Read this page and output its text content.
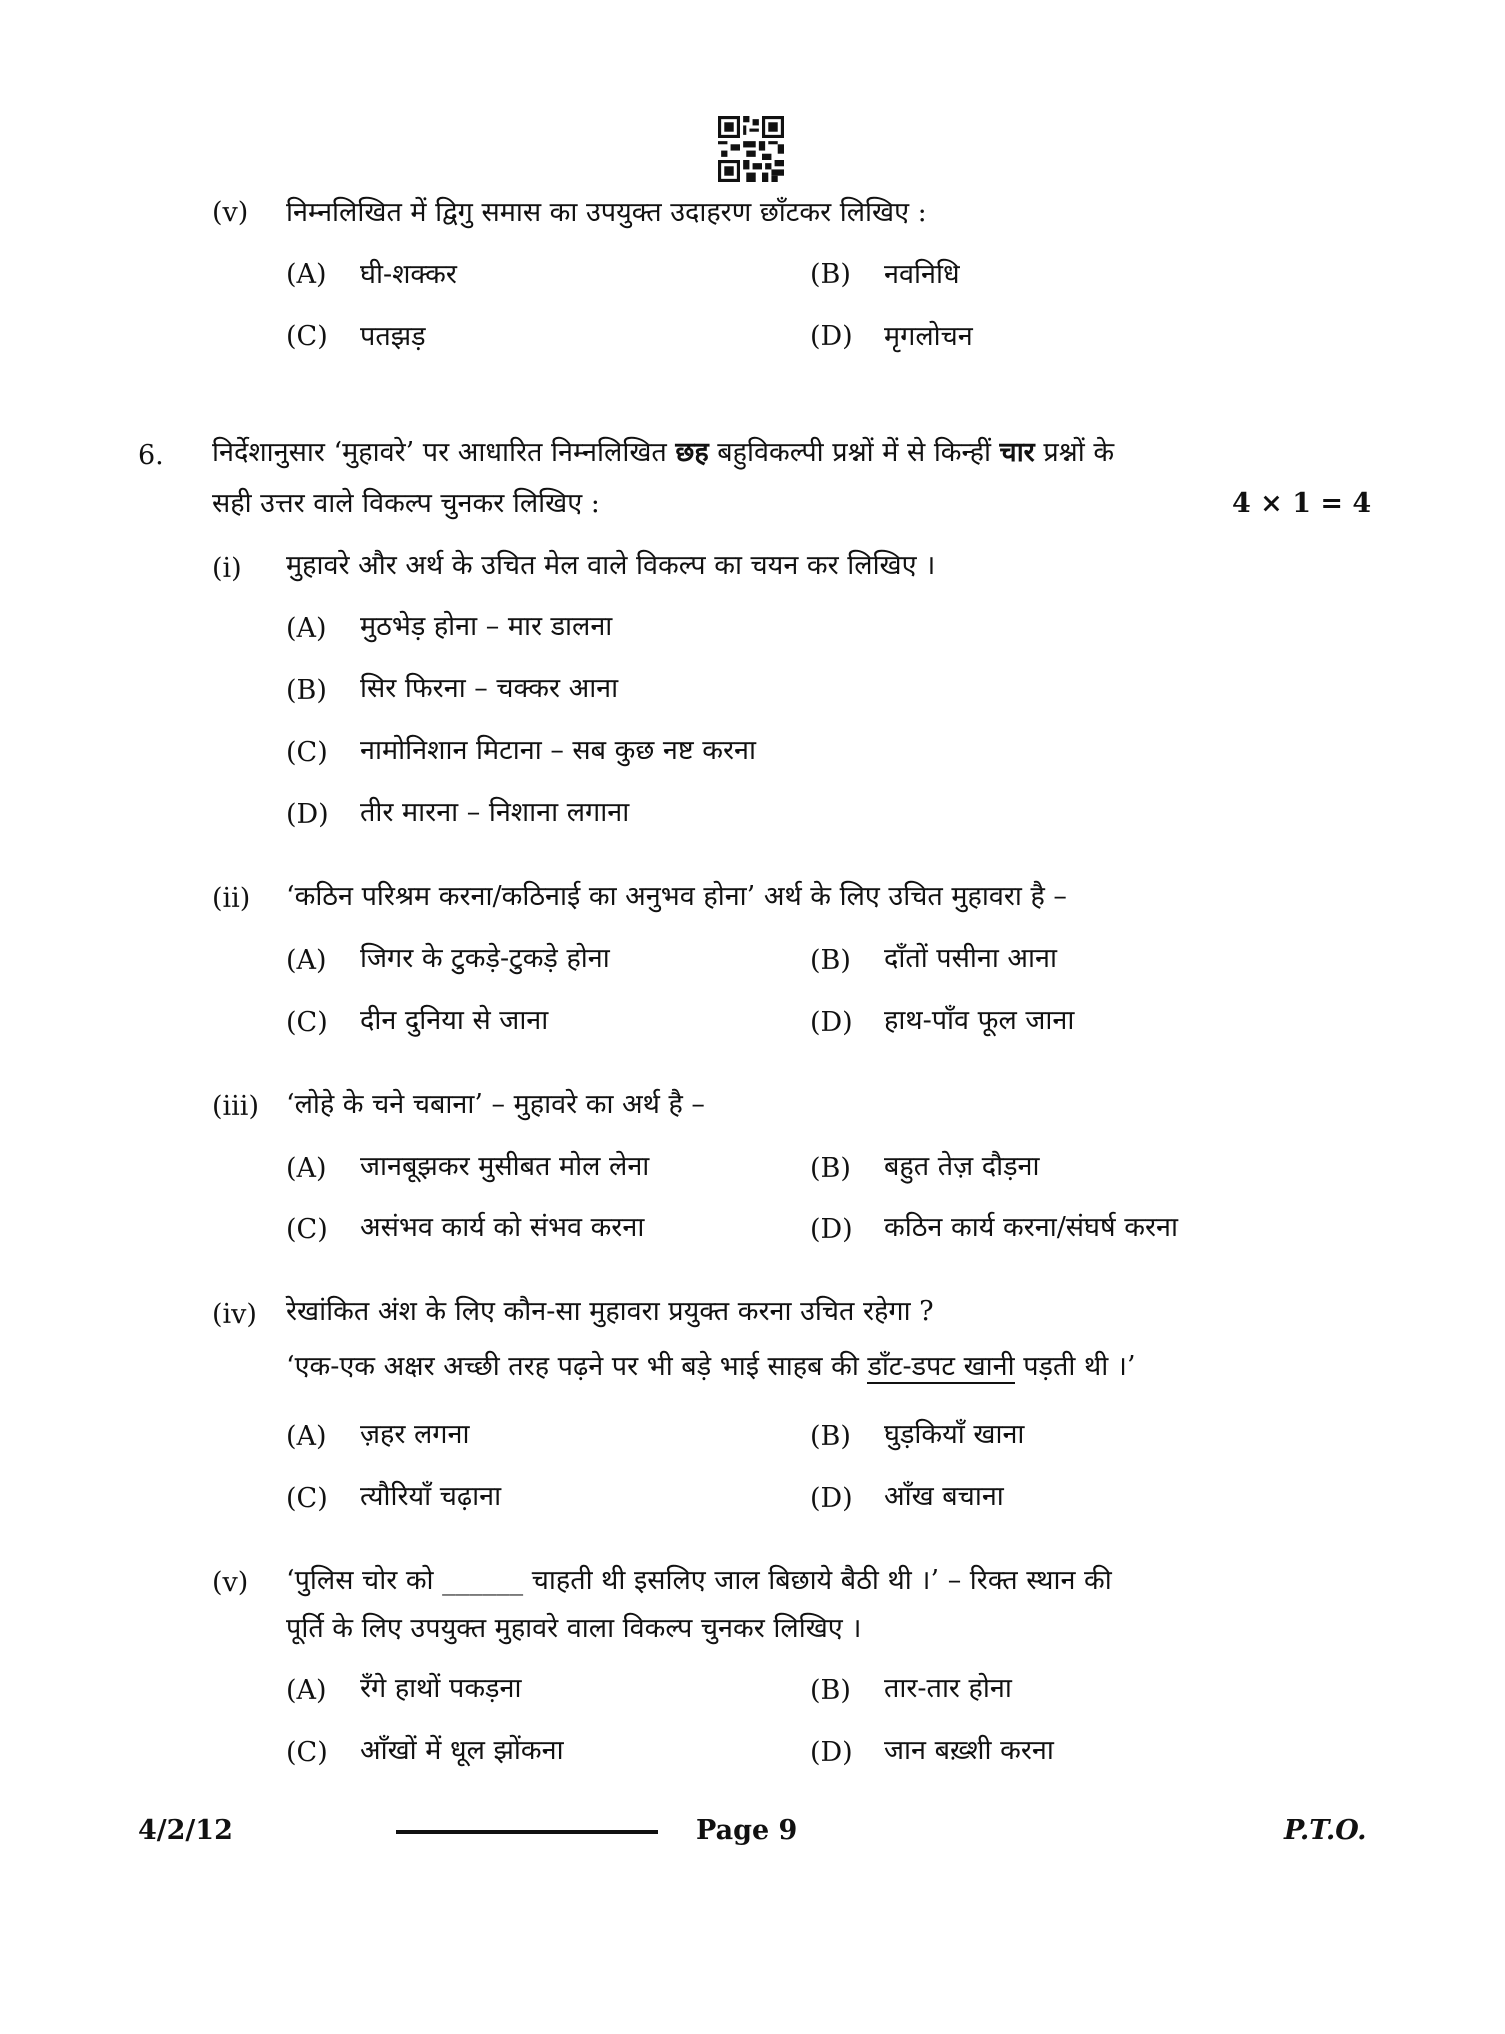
(v) निम्नलिखित में द्विगु समास का उपयुक्त उदाहरण छाँटकर लिखिए :
(A) घी-शक्कर	(B) नवनिधि
(C) पतझड़	(D) मृगलोचन
6. निर्देशानुसार ‘मुहावरे’ पर आधारित निम्नलिखित छह बहुविकल्पी प्रश्नों में से किन्हीं चार प्रश्नों के
सही उत्तर वाले विकल्प चुनकर लिखिए :	4 × 1 = 4
(i) मुहावरे और अर्थ के उचित मेल वाले विकल्प का चयन कर लिखिए ।
(A) मुठभेड़ होना – मार डालना
(B) सिर फिरना – चक्कर आना
(C) नामोनिशान मिटाना – सब कुछ नष्ट करना
(D) तीर मारना – निशाना लगाना
(ii) ‘कठिन परिश्रम करना/कठिनाई का अनुभव होना’ अर्थ के लिए उचित मुहावरा है –
(A) जिगर के टुकड़े-टुकड़े होना	(B) दाँतों पसीना आना
(C) दीन दुनिया से जाना	(D) हाथ-पाँव फूल जाना
(iii) ‘लोहे के चने चबाना’ – मुहावरे का अर्थ है –
(A) जानबूझकर मुसीबत मोल लेना	(B) बहुत तेज़ दौड़ना
(C) असंभव कार्य को संभव करना	(D) कठिन कार्य करना/संघर्ष करना
(iv) रेखांकित अंश के लिए कौन-सा मुहावरा प्रयुक्त करना उचित रहेगा ?
‘एक-एक अक्षर अच्छी तरह पढ़ने पर भी बड़े भाई साहब की डाँट-डपट खानी पड़ती थी ।’
(A) ज़हर लगना	(B) घुड़कियाँ खाना
(C) त्यौरियाँ चढ़ाना	(D) आँख बचाना
(v) ‘पुलिस चोर को ______ चाहती थी इसलिए जाल बिछाये बैठी थी ।’ – रिक्त स्थान की
पूर्ति के लिए उपयुक्त मुहावरे वाला विकल्प चुनकर लिखिए ।
(A) रँगे हाथों पकड़ना	(B) तार-तार होना
(C) आँखों में धूल झोंकना	(D) जान बख़्शी करना
4/2/12	Page 9	P.T.O.
